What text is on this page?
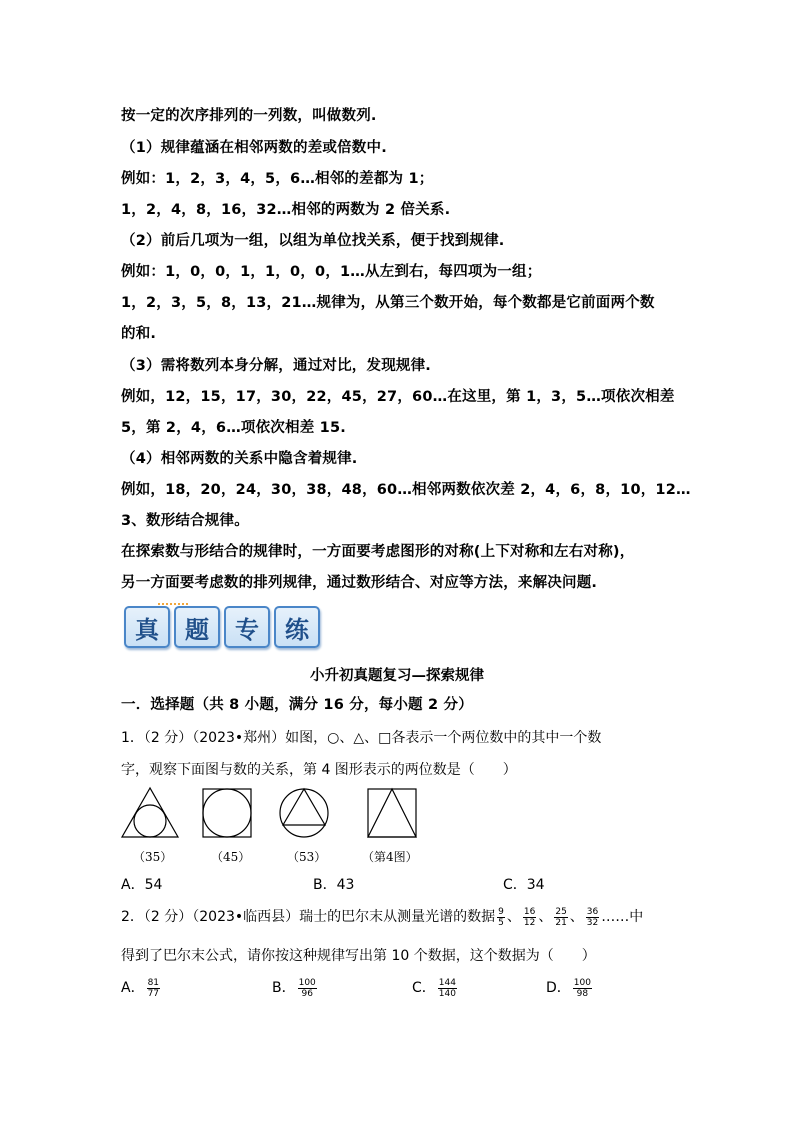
按一定的次序排列的一列数，叫做数列.
（1）规律蕴涵在相邻两数的差或倍数中.
例如：1，2，3，4，5，6…相邻的差都为 1；
1，2，4，8，16，32…相邻的两数为 2 倍关系.
（2）前后几项为一组，以组为单位找关系，便于找到规律.
例如：1，0，0，1，1，0，0，1…从左到右，每四项为一组；
1，2，3，5，8，13，21…规律为，从第三个数开始，每个数都是它前面两个数
的和.
（3）需将数列本身分解，通过对比，发现规律.
例如，12，15，17，30，22，45，27，60…在这里，第 1，3，5…项依次相差
5，第 2，4，6…项依次相差 15.
（4）相邻两数的关系中隐含着规律.
例如，18，20，24，30，38，48，60…相邻两数依次差 2，4，6，8，10，12…
3、数形结合规律。
在探索数与形结合的规律时，一方面要考虑图形的对称(上下对称和左右对称)，
另一方面要考虑数的排列规律，通过数形结合、对应等方法，来解决问题.
真	题	专	练
小升初真题复习—探索规律
一．选择题（共 8 小题，满分 16 分，每小题 2 分）
1．（2 分）（2023•郑州）如图，○、△、□各表示一个两位数中的其中一个数
字，观察下面图与数的关系，第 4 图形表示的两位数是（　　）
（35）	（45）	（53）	（第4图）
A．54	B．43	C．34
2．（2 分）（2023•临西县）瑞士的巴尔末从测量光谱的数据 $\frac{9}{5}$ 、 $\frac{16}{12}$ 、 $\frac{25}{21}$ 、 $\frac{36}{32}$ ……中
得到了巴尔末公式，请你按这种规律写出第 10 个数据，这个数据为（　　）
A． $\frac{81}{77}$	B． $\frac{100}{96}$	C． $\frac{144}{140}$	D． $\frac{100}{98}$
